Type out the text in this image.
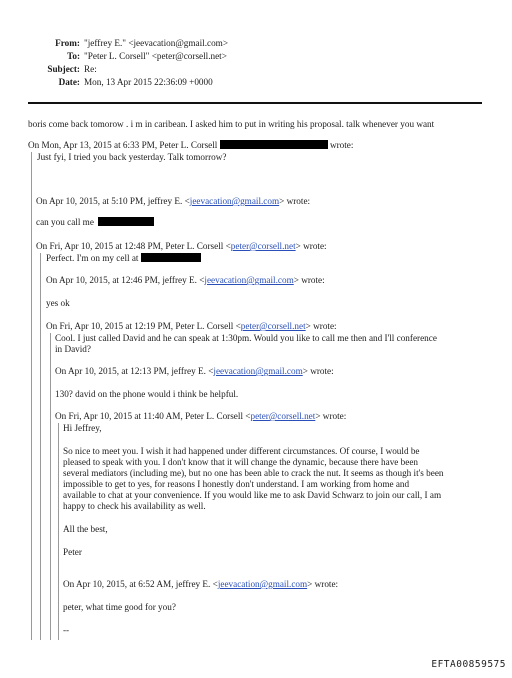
From: "jeffrey E." <jeevacation@gmail.com>
To: "Peter L. Corsell" <peter@corsell.net>
Subject: Re:
Date: Mon, 13 Apr 2015 22:36:09 +0000
boris come back tomorow . i m in caribean. I asked him to put in writing his proposal. talk whenever you want
On Mon, Apr 13, 2015 at 6:33 PM, Peter L. Corsell	wrote:
Just fyi, I tried you back yesterday. Talk tomorrow?
On Apr 10, 2015, at 5:10 PM, jeffrey E. <jeevacation@gmail.com> wrote:
can you call me
On Fri, Apr 10, 2015 at 12:48 PM, Peter L. Corsell <peter@corsell.net> wrote:
Perfect. I'm on my cell at
On Apr 10, 2015, at 12:46 PM, jeffrey E. <jeevacation@gmail.com> wrote:
yes ok
On Fri, Apr 10, 2015 at 12:19 PM, Peter L. Corsell <peter@corsell.net> wrote:
Cool. I just called David and he can speak at 1:30pm. Would you like to call me then and I'll conference
in David?
On Apr 10, 2015, at 12:13 PM, jeffrey E. <jeevacation@gmail.com> wrote:
130? david on the phone would i think be helpful.
On Fri, Apr 10, 2015 at 11:40 AM, Peter L. Corsell <peter@corsell.net> wrote:
Hi Jeffrey,
So nice to meet you. I wish it had happened under different circumstances. Of course, I would be
pleased to speak with you. I don't know that it will change the dynamic, because there have been
several mediators (including me), but no one has been able to crack the nut. It seems as though it's been
impossible to get to yes, for reasons I honestly don't understand. I am working from home and
available to chat at your convenience. If you would like me to ask David Schwarz to join our call, I am
happy to check his availability as well.
All the best,
Peter
On Apr 10, 2015, at 6:52 AM, jeffrey E. <jeevacation@gmail.com> wrote:
peter, what time good for you?
--
EFTA00859575
